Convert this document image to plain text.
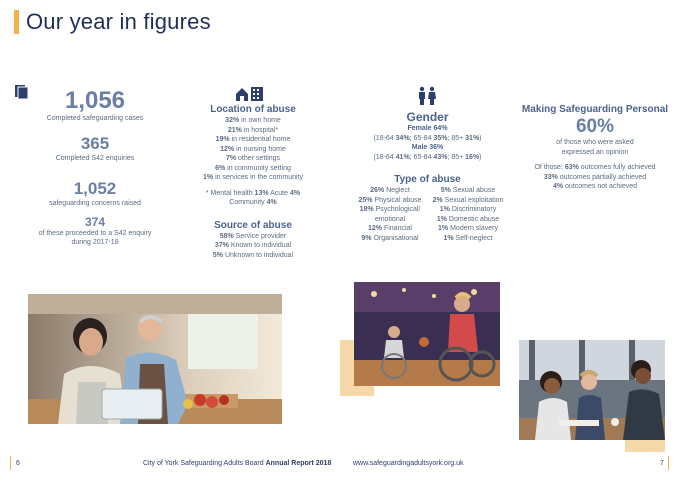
Our year in figures
1,056
Completed safeguarding cases
365
Completed S42 enquiries
1,052
safeguarding concerns raised
374
of these proceeded to a S42 enquiry
during 2017-18
Location of abuse
32% in own home
21% in hospital*
19% in residential home
12% in nursing home
7% other settings
6% in community setting
1% in services in the community
* Mental health 13% Acute 4%
Community 4%
Source of abuse
58% Service provider
37% Known to individual
5% Unknown to individual
Gender
Female 64%
(18-64 34%; 65-84 35%; 85+ 31%)
Male 36%
(18-64 41%; 65-84 43%; 85+ 16%)
Type of abuse
26% Neglect
25% Physical abuse
18% Psychological/
emotional
12% Financial
9% Organisational
5% Sexual abuse
2% Sexual exploitation
1% Discriminatory
1% Domestic abuse
1% Modern slavery
1% Self-neglect
Making Safeguarding Personal
60%
of those who were asked
expressed an opinion
Of those: 63% outcomes fully achieved
33% outcomes partially achieved
4% outcomes not achieved
6	City of York Safeguarding Adults Board Annual Report 2018	www.safeguardingadultsyork.org.uk	7
